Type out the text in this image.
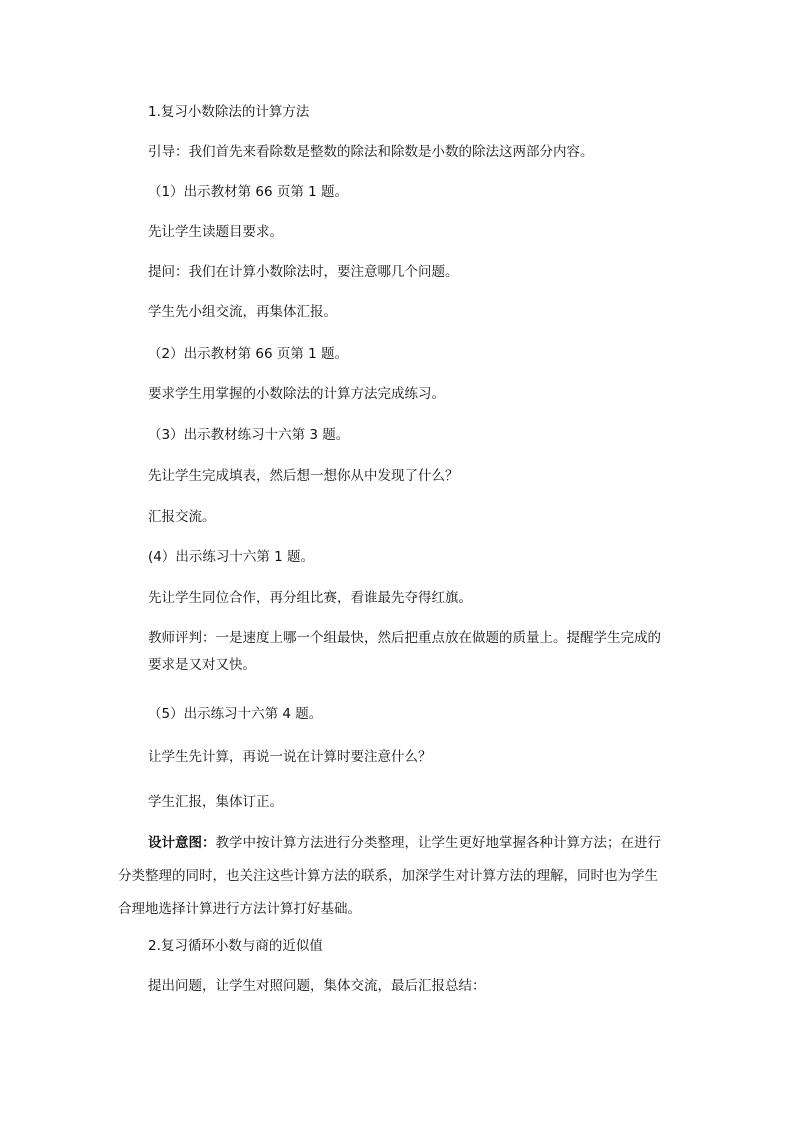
1.复习小数除法的计算方法
引导：我们首先来看除数是整数的除法和除数是小数的除法这两部分内容。
（1）出示教材第 66 页第 1 题。
先让学生读题目要求。
提问：我们在计算小数除法时，要注意哪几个问题。
学生先小组交流，再集体汇报。
（2）出示教材第 66 页第 1 题。
要求学生用掌握的小数除法的计算方法完成练习。
（3）出示教材练习十六第 3 题。
先让学生完成填表，然后想一想你从中发现了什么？
汇报交流。
(4）出示练习十六第 1 题。
先让学生同位合作，再分组比赛，看谁最先夺得红旗。
教师评判：一是速度上哪一个组最快，然后把重点放在做题的质量上。提醒学生完成的
要求是又对又快。
（5）出示练习十六第 4 题。
让学生先计算，再说一说在计算时要注意什么？
学生汇报，集体订正。
设计意图：教学中按计算方法进行分类整理，让学生更好地掌握各种计算方法；在进行
分类整理的同时，也关注这些计算方法的联系，加深学生对计算方法的理解，同时也为学生
合理地选择计算进行方法计算打好基础。
2.复习循环小数与商的近似值
提出问题，让学生对照问题，集体交流，最后汇报总结：
